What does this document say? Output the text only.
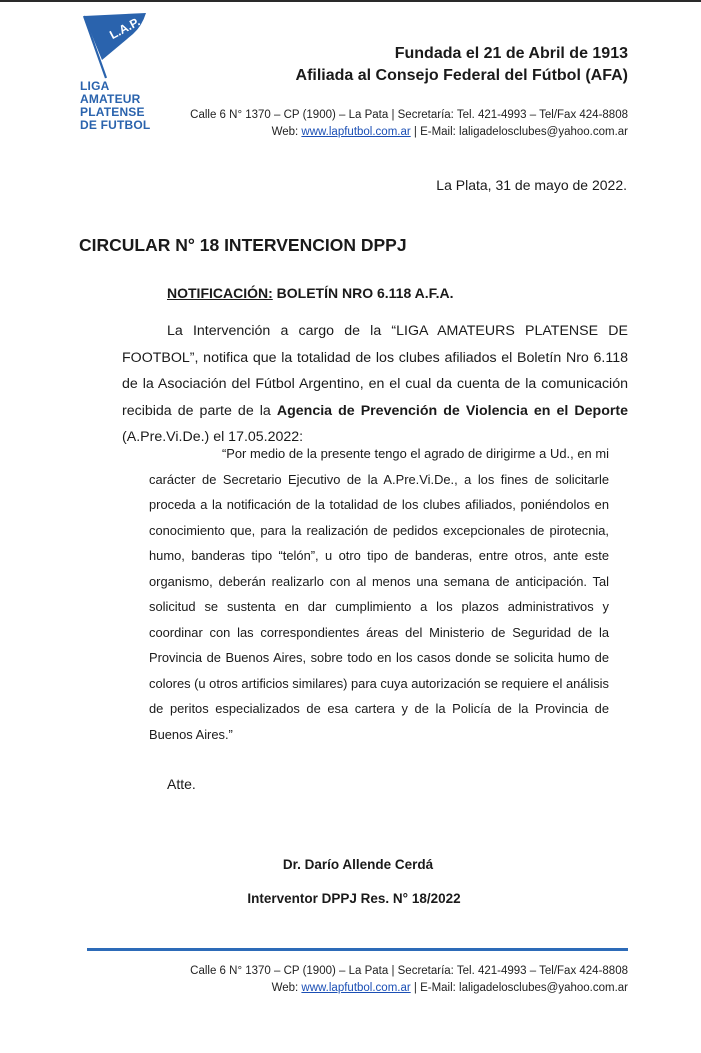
L.A.P.
LIGA
AMATEUR
PLATENSE
DE FUTBOL
Fundada el 21 de Abril de 1913
Afiliada al Consejo Federal del Fútbol (AFA)
Calle 6 N° 1370 – CP (1900) – La Pata | Secretaría: Tel. 421-4993 – Tel/Fax 424-8808
Web: www.lapfutbol.com.ar | E-Mail: laligadelosclubes@yahoo.com.ar
La Plata, 31 de mayo de 2022.
CIRCULAR N° 18 INTERVENCION DPPJ
NOTIFICACIÓN: BOLETÍN NRO 6.118 A.F.A.
La Intervención a cargo de la “LIGA AMATEURS PLATENSE DE FOOTBOL”, notifica que la totalidad de los clubes afiliados el Boletín Nro 6.118 de la Asociación del Fútbol Argentino, en el cual da cuenta de la comunicación recibida de parte de la Agencia de Prevención de Violencia en el Deporte (A.Pre.Vi.De.) el 17.05.2022:
“Por medio de la presente tengo el agrado de dirigirme a Ud., en mi carácter de Secretario Ejecutivo de la A.Pre.Vi.De., a los fines de solicitarle proceda a la notificación de la totalidad de los clubes afiliados, poniéndolos en conocimiento que, para la realización de pedidos excepcionales de pirotecnia, humo, banderas tipo “telón”, u otro tipo de banderas, entre otros, ante este organismo, deberán realizarlo con al menos una semana de anticipación. Tal solicitud se sustenta en dar cumplimiento a los plazos administrativos y coordinar con las correspondientes áreas del Ministerio de Seguridad de la Provincia de Buenos Aires, sobre todo en los casos donde se solicita humo de colores (u otros artificios similares) para cuya autorización se requiere el análisis de peritos especializados de esa cartera y de la Policía de la Provincia de Buenos Aires.”
Atte.
Dr. Darío Allende Cerdá
Interventor DPPJ Res. N° 18/2022
Calle 6 N° 1370 – CP (1900) – La Pata | Secretaría: Tel. 421-4993 – Tel/Fax 424-8808
Web: www.lapfutbol.com.ar | E-Mail: laligadelosclubes@yahoo.com.ar
